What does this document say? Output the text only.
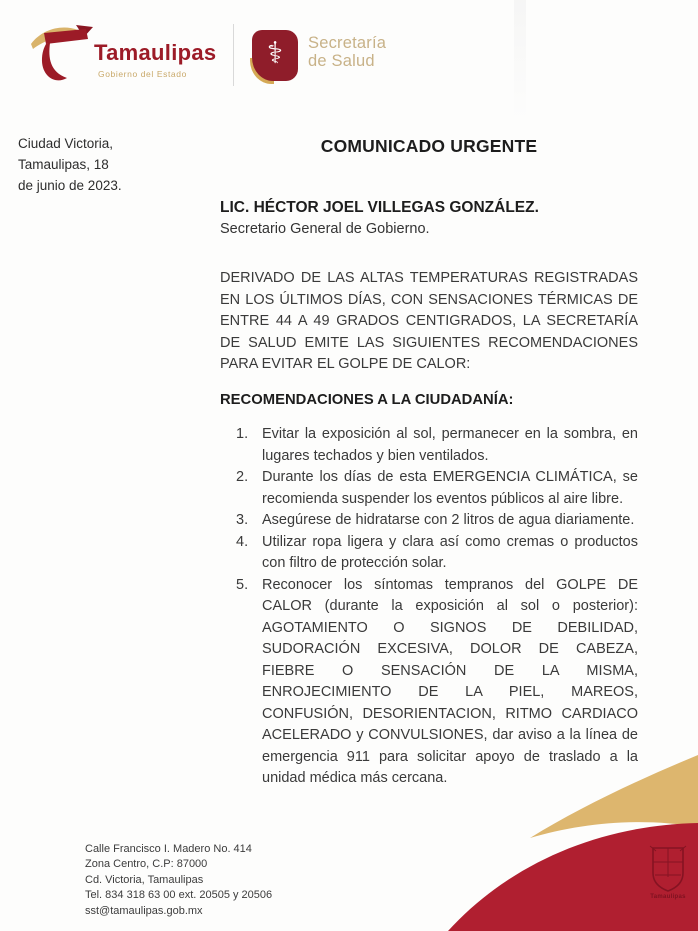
Tamaulipas
Gobierno del Estado
⚕	Secretaría
de Salud
Ciudad Victoria,
Tamaulipas, 18
de junio de 2023.
COMUNICADO URGENTE
LIC. HÉCTOR JOEL VILLEGAS GONZÁLEZ.
Secretario General de Gobierno.

DERIVADO DE LAS ALTAS TEMPERATURAS REGISTRADAS EN LOS ÚLTIMOS DÍAS, CON SENSACIONES TÉRMICAS DE ENTRE 44 A 49 GRADOS CENTIGRADOS, LA SECRETARÍA DE SALUD EMITE LAS SIGUIENTES RECOMENDACIONES PARA EVITAR EL GOLPE DE CALOR:

RECOMENDACIONES A LA CIUDADANÍA:
1. Evitar la exposición al sol, permanecer en la sombra, en lugares techados y bien ventilados.
2. Durante los días de esta EMERGENCIA CLIMÁTICA, se recomienda suspender los eventos públicos al aire libre.
3. Asegúrese de hidratarse con 2 litros de agua diariamente.
4. Utilizar ropa ligera y clara así como cremas o productos con filtro de protección solar.
5. Reconocer los síntomas tempranos del GOLPE DE CALOR (durante la exposición al sol o posterior): AGOTAMIENTO O SIGNOS DE DEBILIDAD, SUDORACIÓN EXCESIVA, DOLOR DE CABEZA, FIEBRE O SENSACIÓN DE LA MISMA, ENROJECIMIENTO DE LA PIEL, MAREOS, CONFUSIÓN, DESORIENTACION, RITMO CARDIACO ACELERADO y CONVULSIONES, dar aviso a la línea de emergencia 911 para solicitar apoyo de traslado a la unidad médica más cercana.
Calle Francisco I. Madero No. 414
Zona Centro, C.P: 87000
Cd. Victoria, Tamaulipas
Tel. 834 318 63 00 ext. 20505 y 20506
sst@tamaulipas.gob.mx
Tamaulipas
